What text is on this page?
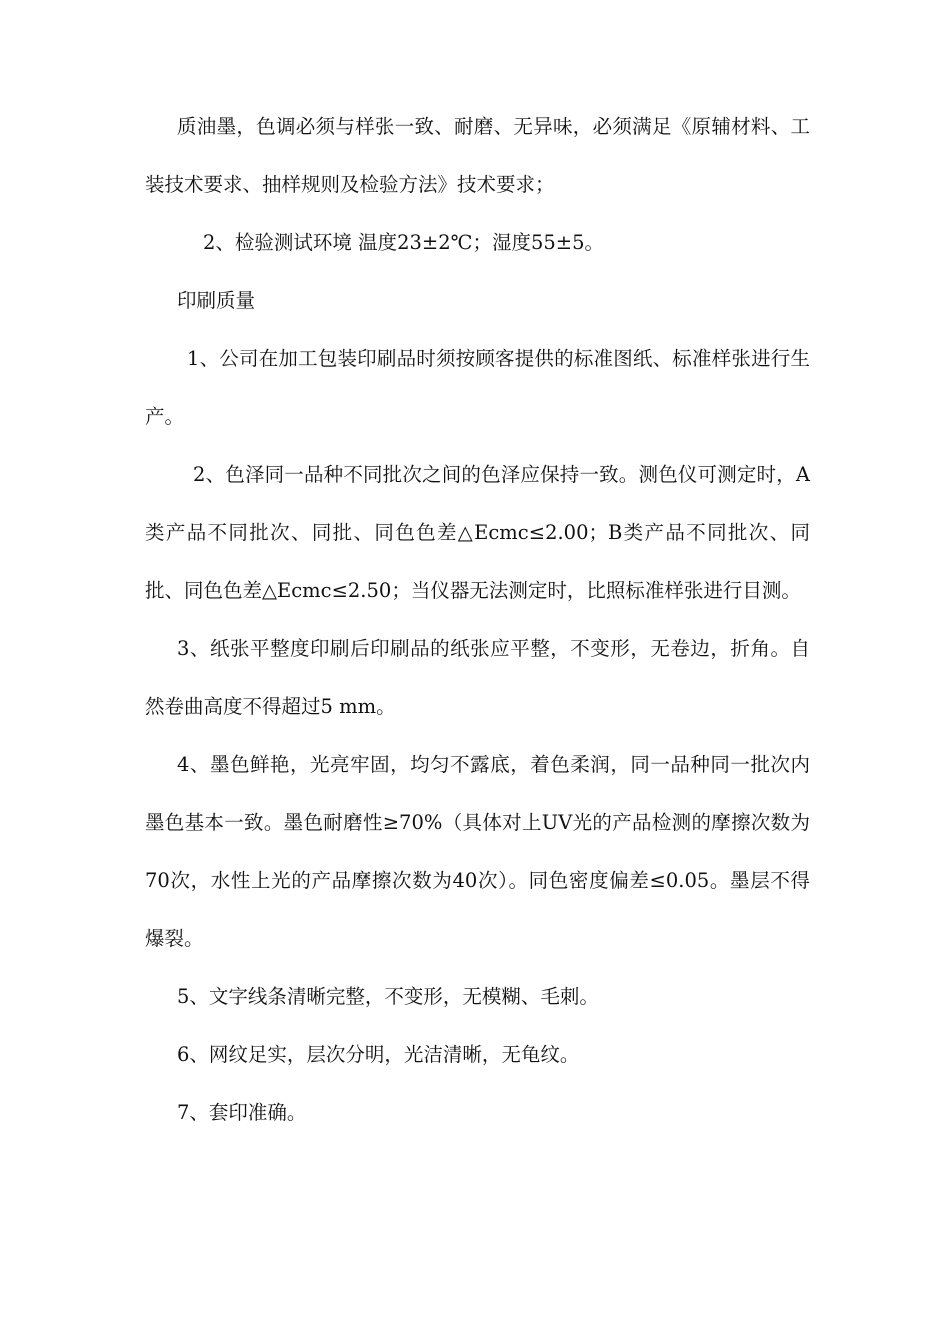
质油墨，色调必须与样张一致、耐磨、无异味，必须满足《原辅材料、工装技术要求、抽样规则及检验方法》技术要求；

2、检验测试环境 温度23±2℃；湿度55±5。

印刷质量

1、公司在加工包装印刷品时须按顾客提供的标准图纸、标准样张进行生产。

2、色泽同一品种不同批次之间的色泽应保持一致。测色仪可测定时，A类产品不同批次、同批、同色色差△Ecmc≤2.00；B类产品不同批次、同批、同色色差△Ecmc≤2.50；当仪器无法测定时，比照标准样张进行目测。

3、纸张平整度印刷后印刷品的纸张应平整，不变形，无卷边，折角。自然卷曲高度不得超过5 mm。

4、墨色鲜艳，光亮牢固，均匀不露底，着色柔润，同一品种同一批次内墨色基本一致。墨色耐磨性≥70%（具体对上UV光的产品检测的摩擦次数为70次，水性上光的产品摩擦次数为40次）。同色密度偏差≤0.05。墨层不得爆裂。

5、文字线条清晰完整，不变形，无模糊、毛刺。

6、网纹足实，层次分明，光洁清晰，无龟纹。

7、套印准确。
